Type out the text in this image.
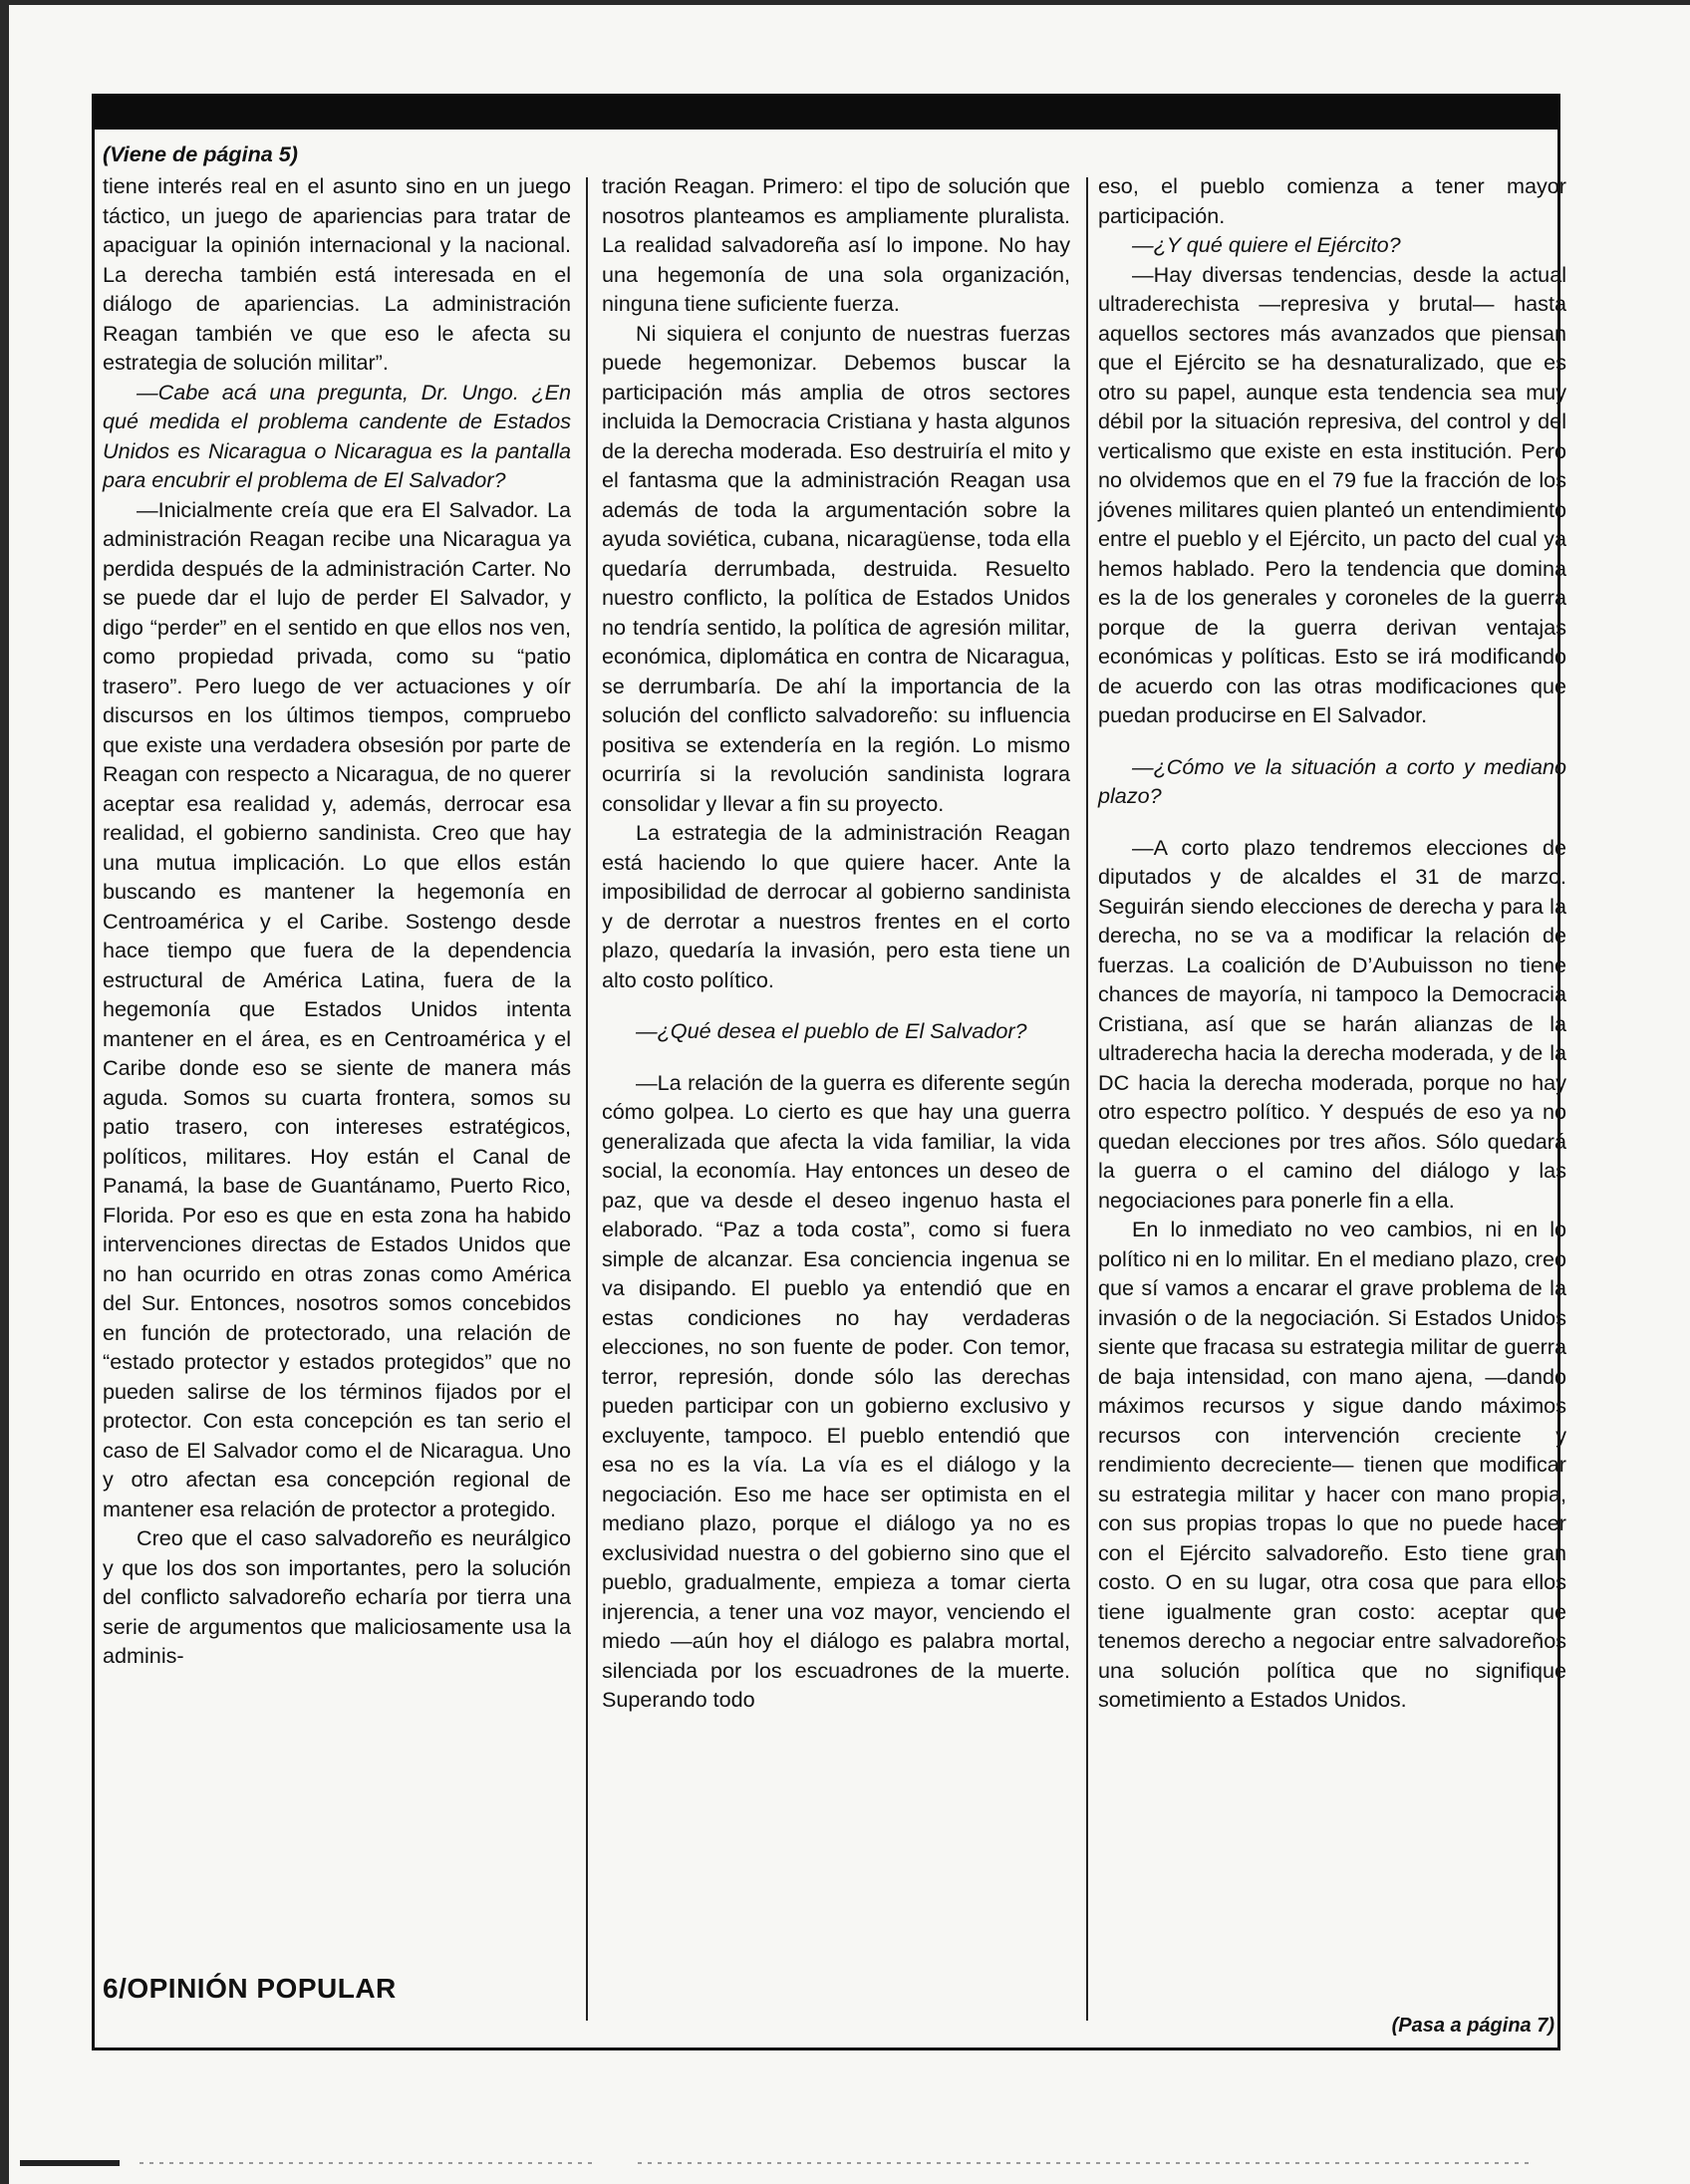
(Viene de página 5)

tiene interés real en el asunto sino en un juego táctico, un juego de apariencias para tratar de apaciguar la opinión internacional y la nacional. La derecha también está interesada en el diálogo de apariencias. La administración Reagan también ve que eso le afecta su estrategia de solución militar”.

—Cabe acá una pregunta, Dr. Ungo. ¿En qué medida el problema candente de Estados Unidos es Nicaragua o Nicaragua es la pantalla para encubrir el problema de El Salvador?

—Inicialmente creía que era El Salvador. La administración Reagan recibe una Nicaragua ya perdida después de la administración Carter. No se puede dar el lujo de perder El Salvador, y digo “perder” en el sentido en que ellos nos ven, como propiedad privada, como su “patio trasero”. Pero luego de ver actuaciones y oír discursos en los últimos tiempos, compruebo que existe una verdadera obsesión por parte de Reagan con respecto a Nicaragua, de no querer aceptar esa realidad y, además, derrocar esa realidad, el gobierno sandinista. Creo que hay una mutua implicación. Lo que ellos están buscando es mantener la hegemonía en Centroamérica y el Caribe. Sostengo desde hace tiempo que fuera de la dependencia estructural de América Latina, fuera de la hegemonía que Estados Unidos intenta mantener en el área, es en Centroamérica y el Caribe donde eso se siente de manera más aguda. Somos su cuarta frontera, somos su patio trasero, con intereses estratégicos, políticos, militares. Hoy están el Canal de Panamá, la base de Guantánamo, Puerto Rico, Florida. Por eso es que en esta zona ha habido intervenciones directas de Estados Unidos que no han ocurrido en otras zonas como América del Sur. Entonces, nosotros somos concebidos en función de protectorado, una relación de “estado protector y estados protegidos” que no pueden salirse de los términos fijados por el protector. Con esta concepción es tan serio el caso de El Salvador como el de Nicaragua. Uno y otro afectan esa concepción regional de mantener esa relación de protector a protegido.

Creo que el caso salvadoreño es neurálgico y que los dos son importantes, pero la solución del conflicto salvadoreño echaría por tierra una serie de argumentos que maliciosamente usa la adminis-

tración Reagan. Primero: el tipo de solución que nosotros planteamos es ampliamente pluralista. La realidad salvadoreña así lo impone. No hay una hegemonía de una sola organización, ninguna tiene suficiente fuerza.

Ni siquiera el conjunto de nuestras fuerzas puede hegemonizar. Debemos buscar la participación más amplia de otros sectores incluida la Democracia Cristiana y hasta algunos de la derecha moderada. Eso destruiría el mito y el fantasma que la administración Reagan usa además de toda la argumentación sobre la ayuda soviética, cubana, nicaragüense, toda ella quedaría derrumbada, destruida. Resuelto nuestro conflicto, la política de Estados Unidos no tendría sentido, la política de agresión militar, económica, diplomática en contra de Nicaragua, se derrumbaría. De ahí la importancia de la solución del conflicto salvadoreño: su influencia positiva se extendería en la región. Lo mismo ocurriría si la revolución sandinista lograra consolidar y llevar a fin su proyecto.

La estrategia de la administración Reagan está haciendo lo que quiere hacer. Ante la imposibilidad de derrocar al gobierno sandinista y de derrotar a nuestros frentes en el corto plazo, quedaría la invasión, pero esta tiene un alto costo político.

—¿Qué desea el pueblo de El Salvador?

—La relación de la guerra es diferente según cómo golpea. Lo cierto es que hay una guerra generalizada que afecta la vida familiar, la vida social, la economía. Hay entonces un deseo de paz, que va desde el deseo ingenuo hasta el elaborado. “Paz a toda costa”, como si fuera simple de alcanzar. Esa conciencia ingenua se va disipando. El pueblo ya entendió que en estas condiciones no hay verdaderas elecciones, no son fuente de poder. Con temor, terror, represión, donde sólo las derechas pueden participar con un gobierno exclusivo y excluyente, tampoco. El pueblo entendió que esa no es la vía. La vía es el diálogo y la negociación. Eso me hace ser optimista en el mediano plazo, porque el diálogo ya no es exclusividad nuestra o del gobierno sino que el pueblo, gradualmente, empieza a tomar cierta injerencia, a tener una voz mayor, venciendo el miedo —aún hoy el diálogo es palabra mortal, silenciada por los escuadrones de la muerte. Superando todo

eso, el pueblo comienza a tener mayor participación.

—¿Y qué quiere el Ejército?

—Hay diversas tendencias, desde la actual ultraderechista —represiva y brutal— hasta aquellos sectores más avanzados que piensan que el Ejército se ha desnaturalizado, que es otro su papel, aunque esta tendencia sea muy débil por la situación represiva, del control y del verticalismo que existe en esta institución. Pero no olvidemos que en el 79 fue la fracción de los jóvenes militares quien planteó un entendimiento entre el pueblo y el Ejército, un pacto del cual ya hemos hablado. Pero la tendencia que domina es la de los generales y coroneles de la guerra porque de la guerra derivan ventajas económicas y políticas. Esto se irá modificando de acuerdo con las otras modificaciones que puedan producirse en El Salvador.

—¿Cómo ve la situación a corto y mediano plazo?

—A corto plazo tendremos elecciones de diputados y de alcaldes el 31 de marzo. Seguirán siendo elecciones de derecha y para la derecha, no se va a modificar la relación de fuerzas. La coalición de D’Aubuisson no tiene chances de mayoría, ni tampoco la Democracia Cristiana, así que se harán alianzas de la ultraderecha hacia la derecha moderada, y de la DC hacia la derecha moderada, porque no hay otro espectro político. Y después de eso ya no quedan elecciones por tres años. Sólo quedará la guerra o el camino del diálogo y las negociaciones para ponerle fin a ella.

En lo inmediato no veo cambios, ni en lo político ni en lo militar. En el mediano plazo, creo que sí vamos a encarar el grave problema de la invasión o de la negociación. Si Estados Unidos siente que fracasa su estrategia militar de guerra de baja intensidad, con mano ajena, —dando máximos recursos y sigue dando máximos recursos con intervención creciente y rendimiento decreciente— tienen que modificar su estrategia militar y hacer con mano propia, con sus propias tropas lo que no puede hacer con el Ejército salvadoreño. Esto tiene gran costo. O en su lugar, otra cosa que para ellos tiene igualmente gran costo: aceptar que tenemos derecho a negociar entre salvadoreños una solución política que no signifique sometimiento a Estados Unidos.

6/OPINIÓN POPULAR
(Pasa a página 7)
